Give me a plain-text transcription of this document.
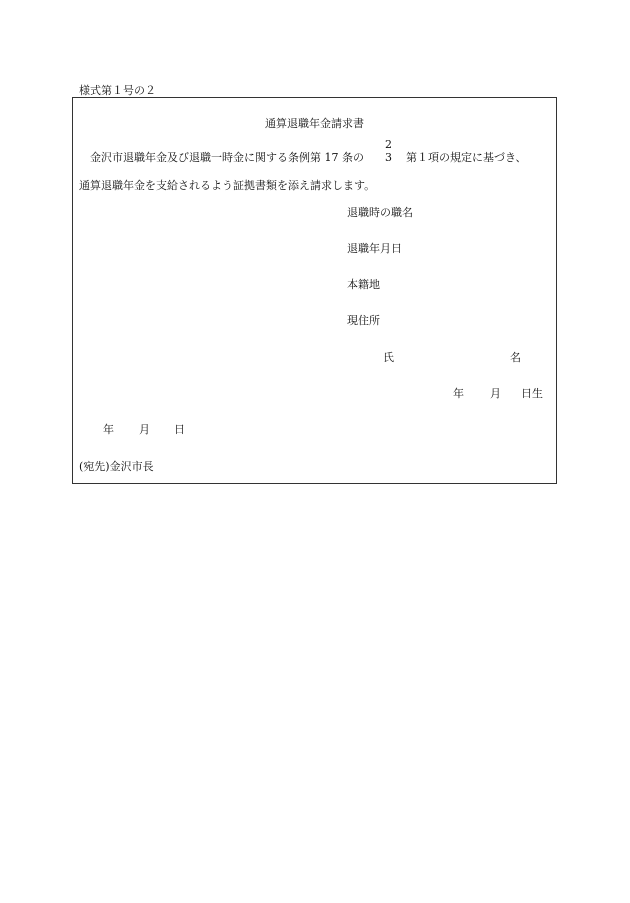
様式第１号の２
通算退職年金請求書
金沢市退職年金及び退職一時金に関する条例第 17 条の
2
3 第１項の規定に基づき、
通算退職年金を支給されるよう証拠書類を添え請求します。
退職時の職名
退職年月日
本籍地
現住所
氏	名
年 月 日生
年 月 日
(宛先)金沢市長
